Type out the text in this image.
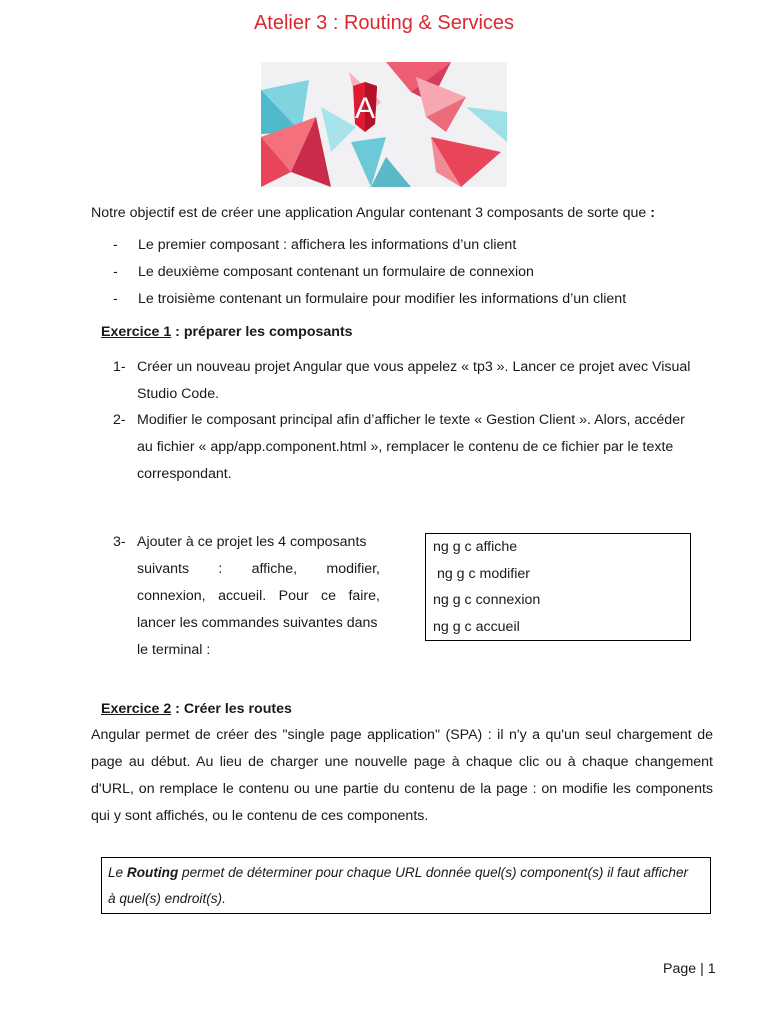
Atelier 3 : Routing & Services
A
Notre objectif est de créer une application Angular contenant 3 composants de sorte que :
- Le premier composant : affichera les informations d’un client
- Le deuxième composant contenant un formulaire de connexion
- Le troisième contenant un formulaire pour modifier les informations d’un client
Exercice 1 : préparer les composants
1- Créer un nouveau projet Angular que vous appelez « tp3 ». Lancer ce projet avec Visual
Studio Code.
2- Modifier le composant principal afin d’afficher le texte « Gestion Client ». Alors, accéder
au fichier « app/app.component.html », remplacer le contenu de ce fichier par le texte
correspondant.
3- Ajouter à ce projet les 4 composants
suivants : affiche, modifier,
connexion, accueil. Pour ce faire,
lancer les commandes suivantes dans
le terminal :
ng g c affiche
ng g c modifier
ng g c connexion
ng g c accueil
Exercice 2 : Créer les routes
Angular permet de créer des "single page application" (SPA) : il n'y a qu'un seul chargement de page au début. Au lieu de charger une nouvelle page à chaque clic ou à chaque changement d'URL, on remplace le contenu ou une partie du contenu de la page : on modifie les components qui y sont affichés, ou le contenu de ces components.
Le Routing permet de déterminer pour chaque URL donnée quel(s) component(s) il faut afficher
à quel(s) endroit(s).
Page | 1
